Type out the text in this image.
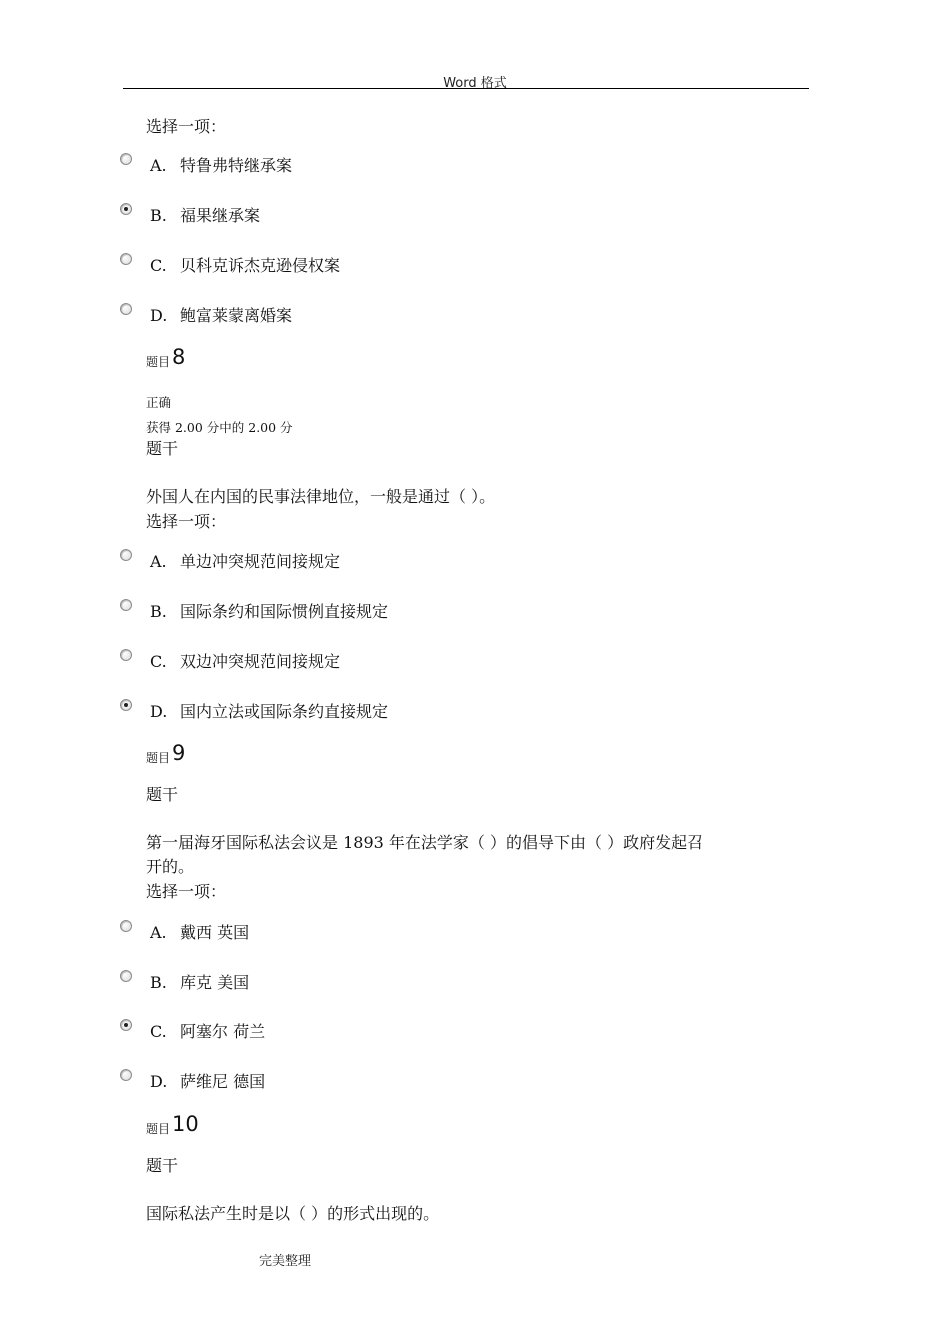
Word 格式
选择一项：
A. 特鲁弗特继承案
B. 福果继承案
C. 贝科克诉杰克逊侵权案
D. 鲍富莱蒙离婚案
题目8
正确
获得 2.00 分中的 2.00 分
题干
外国人在内国的民事法律地位，一般是通过（ ）。
选择一项：
A. 单边冲突规范间接规定
B. 国际条约和国际惯例直接规定
C. 双边冲突规范间接规定
D. 国内立法或国际条约直接规定
题目9
题干
第一届海牙国际私法会议是 1893 年在法学家（ ）的倡导下由（ ）政府发起召
开的。
选择一项：
A. 戴西 英国
B. 库克 美国
C. 阿塞尔 荷兰
D. 萨维尼 德国
题目10
题干
国际私法产生时是以（ ）的形式出现的。
完美整理
